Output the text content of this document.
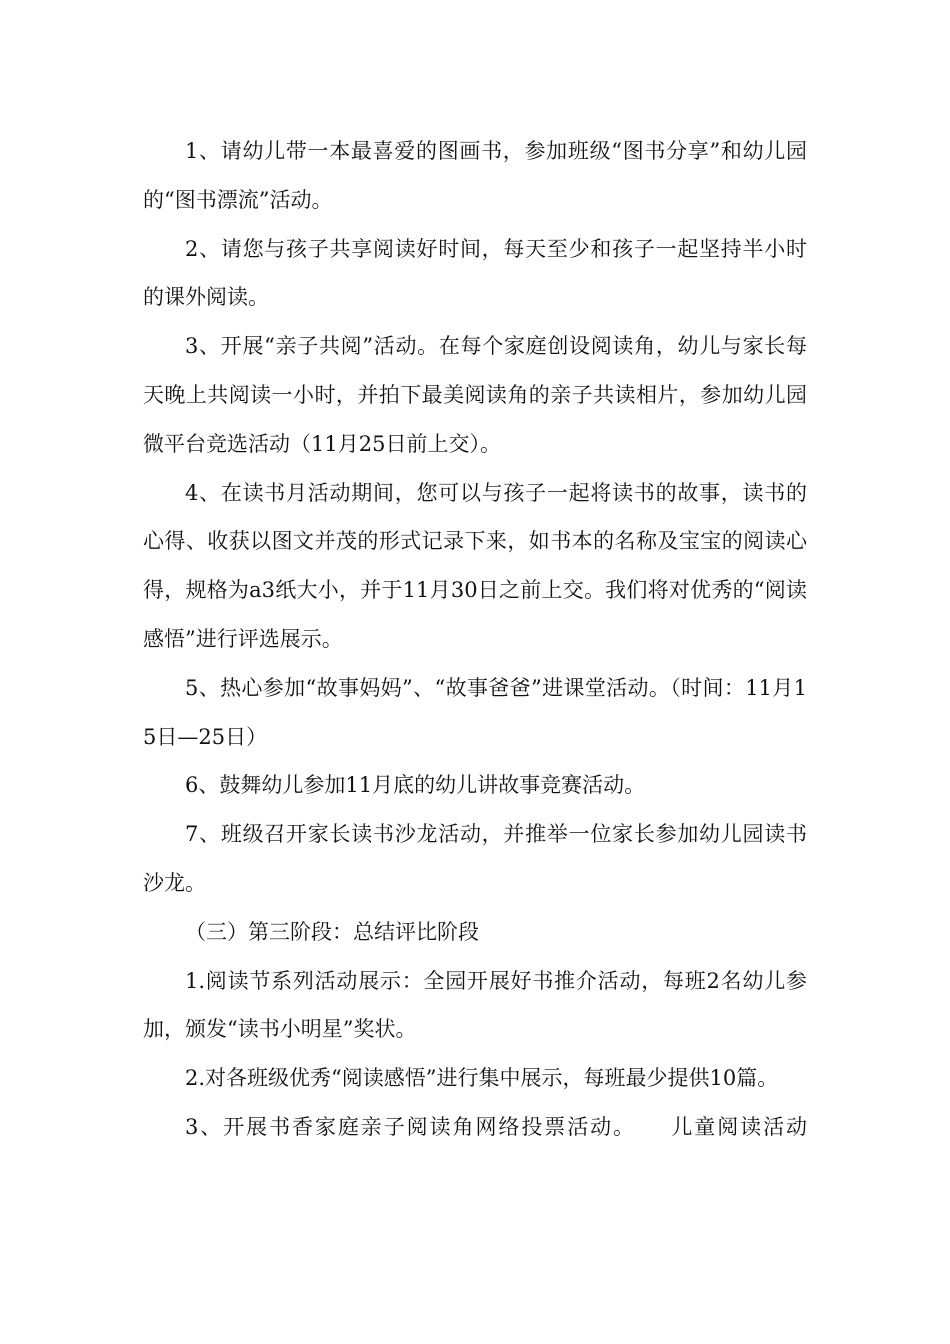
1、请幼儿带一本最喜爱的图画书，参加班级“图书分享”和幼儿园的“图书漂流”活动。

2、请您与孩子共享阅读好时间，每天至少和孩子一起坚持半小时的课外阅读。

3、开展“亲子共阅”活动。在每个家庭创设阅读角，幼儿与家长每天晚上共阅读一小时，并拍下最美阅读角的亲子共读相片，参加幼儿园微平台竞选活动（11月25日前上交）。

4、在读书月活动期间，您可以与孩子一起将读书的故事，读书的心得、收获以图文并茂的形式记录下来，如书本的名称及宝宝的阅读心得，规格为a3纸大小，并于11月30日之前上交。我们将对优秀的“阅读感悟”进行评选展示。

5、热心参加“故事妈妈”、“故事爸爸”进课堂活动。（时间：11月15日—25日）

6、鼓舞幼儿参加11月底的幼儿讲故事竞赛活动。

7、班级召开家长读书沙龙活动，并推举一位家长参加幼儿园读书沙龙。

（三）第三阶段：总结评比阶段

1.阅读节系列活动展示：全园开展好书推介活动，每班2名幼儿参加，颁发“读书小明星”奖状。

2.对各班级优秀“阅读感悟”进行集中展示，每班最少提供10篇。

3、开展书香家庭亲子阅读角网络投票活动。　　儿童阅读活动
